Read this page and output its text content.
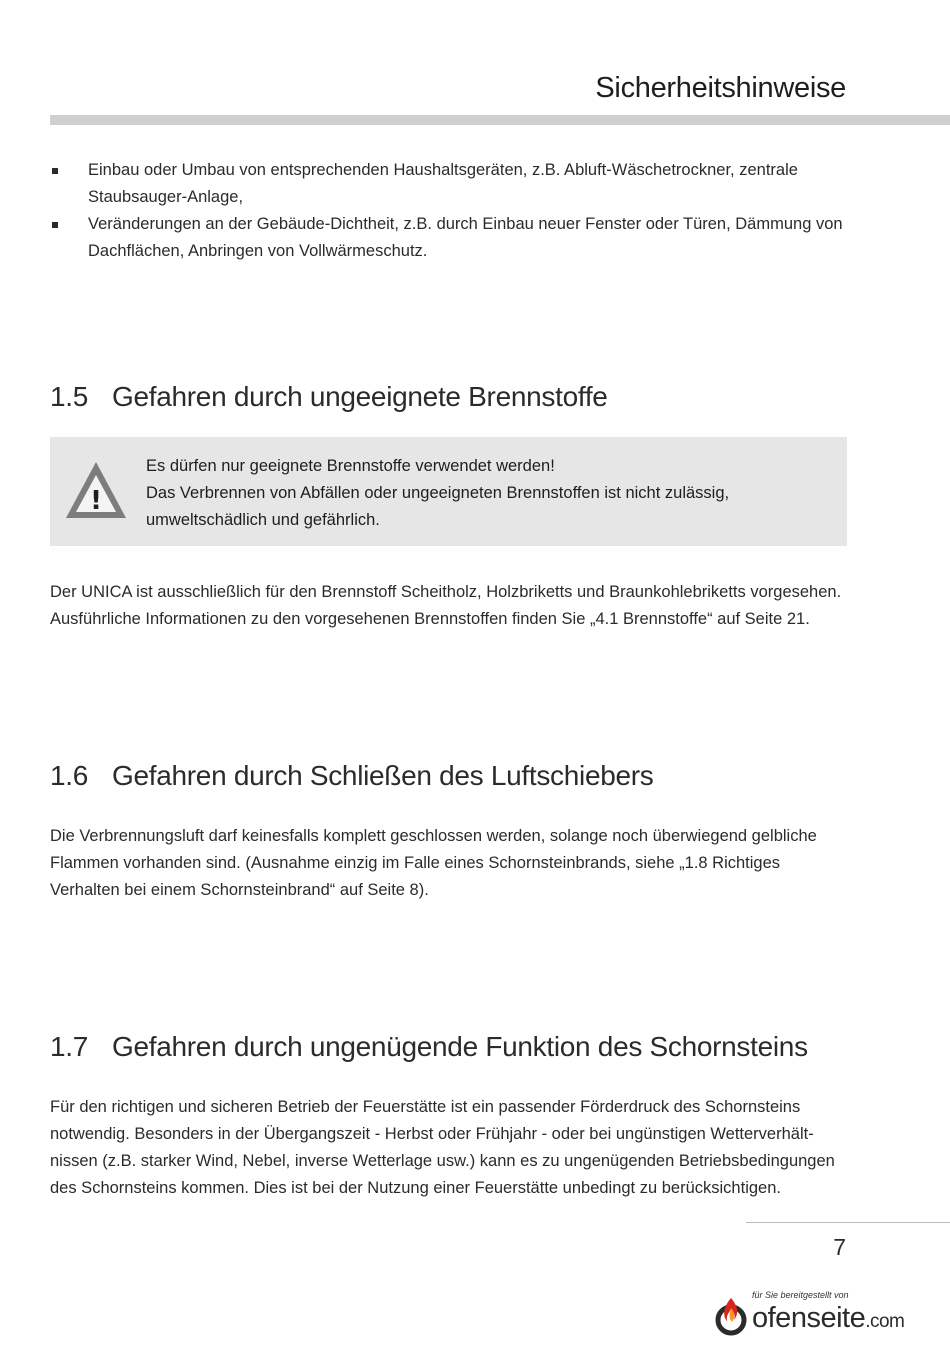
Sicherheitshinweise
Einbau oder Umbau von entsprechenden Haushaltsgeräten, z.B. Abluft-Wäschetrockner, zentrale Staubsauger-Anlage,
Veränderungen an der Gebäude-Dichtheit, z.B. durch Einbau neuer Fenster oder Türen, Dämmung von Dachflächen, Anbringen von Vollwärmeschutz.
1.5 Gefahren durch ungeeignete Brennstoffe
!
Es dürfen nur geeignete Brennstoffe verwendet werden!
Das Verbrennen von Abfällen oder ungeeigneten Brennstoffen ist nicht zulässig,
umweltschädlich und gefährlich.

Der UNICA ist ausschließlich für den Brennstoff Scheitholz, Holzbriketts und Braunkohlebriketts vorgesehen. Ausführliche Informationen zu den vorgesehenen Brennstoffen finden Sie „4.1 Brennstoffe“ auf Seite 21.

1.6 Gefahren durch Schließen des Luftschiebers

Die Verbrennungsluft darf keinesfalls komplett geschlossen werden, solange noch überwiegend gelbliche Flammen vorhanden sind. (Ausnahme einzig im Falle eines Schornsteinbrands, siehe „1.8 Richtiges Verhalten bei einem Schornsteinbrand“ auf Seite 8).

1.7 Gefahren durch ungenügende Funktion des Schornsteins

Für den richtigen und sicheren Betrieb der Feuerstätte ist ein passender Förderdruck des Schornsteins notwendig. Besonders in der Übergangszeit - Herbst oder Frühjahr - oder bei ungünstigen Wetterverhält-nissen (z.B. starker Wind, Nebel, inverse Wetterlage usw.) kann es zu ungenügenden Betriebsbedingungen des Schornsteins kommen. Dies ist bei der Nutzung einer Feuerstätte unbedingt zu berücksichtigen.

7
für Sie bereitgestellt von
ofenseite.com
